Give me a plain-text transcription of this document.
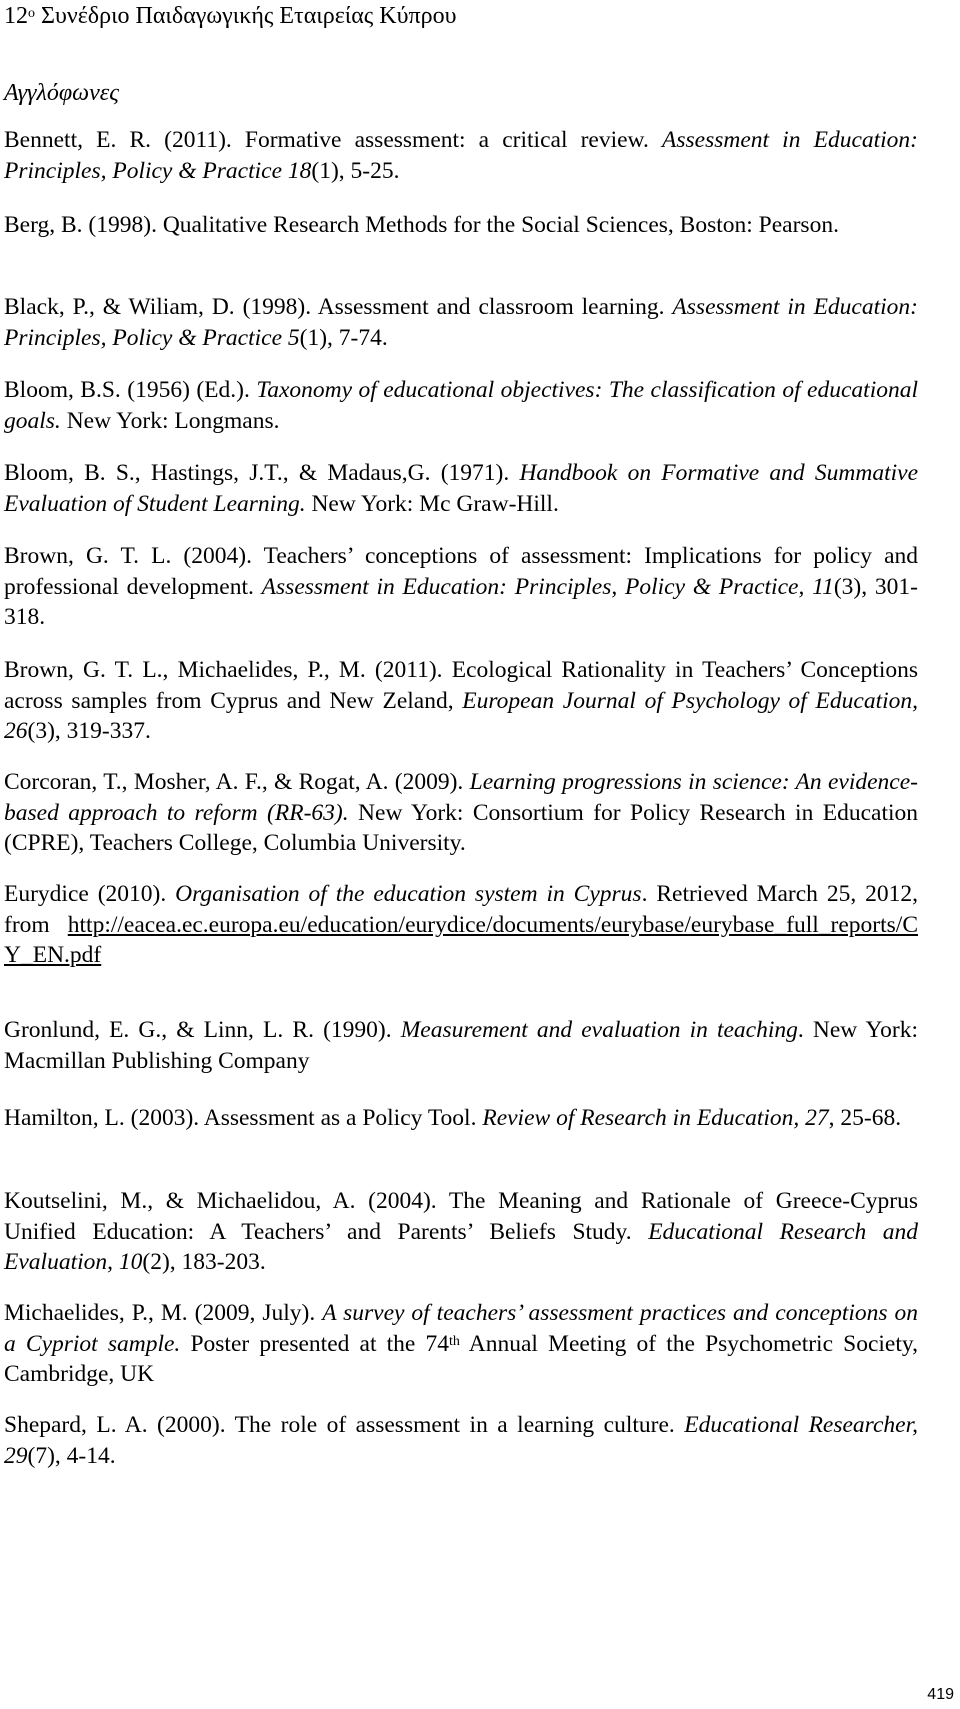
$12^o$ Συνέδριο Παιδαγωγικής Εταιρείας Κύπρου
Αγγλόφωνες
Bennett, E. R. (2011). Formative assessment: a critical review. Assessment in Education: Principles, Policy & Practice 18(1), 5-25.
Berg, B. (1998). Qualitative Research Methods for the Social Sciences, Boston: Pearson.
Black, P., & Wiliam, D. (1998). Assessment and classroom learning. Assessment in Education: Principles, Policy & Practice 5(1), 7-74.
Bloom, B.S. (1956) (Ed.). Taxonomy of educational objectives: The classification of educational goals. New York: Longmans.
Bloom, B. S., Hastings, J.T., & Madaus,G. (1971). Handbook on Formative and Summative Evaluation of Student Learning. New York: Mc Graw-Hill.
Brown, G. T. L. (2004). Teachers’ conceptions of assessment: Implications for policy and professional development. Assessment in Education: Principles, Policy & Practice, 11(3), 301-318.
Brown, G. T. L., Michaelides, P., M. (2011). Ecological Rationality in Teachers’ Conceptions across samples from Cyprus and New Zeland, European Journal of Psychology of Education, 26(3), 319-337.
Corcoran, T., Mosher, A. F., & Rogat, A. (2009). Learning progressions in science: An evidence-based approach to reform (RR-63). New York: Consortium for Policy Research in Education (CPRE), Teachers College, Columbia University.
Eurydice (2010). Organisation of the education system in Cyprus. Retrieved March 25, 2012, from http://eacea.ec.europa.eu/education/eurydice/documents/eurybase/eurybase_full_reports/CY_EN.pdf
Gronlund, E. G., & Linn, L. R. (1990). Measurement and evaluation in teaching. New York: Macmillan Publishing Company
Hamilton, L. (2003). Assessment as a Policy Tool. Review of Research in Education, 27, 25-68.
Koutselini, M., & Michaelidou, A. (2004). The Meaning and Rationale of Greece-Cyprus Unified Education: A Teachers’ and Parents’ Beliefs Study. Educational Research and Evaluation, 10(2), 183-203.
Michaelides, P., M. (2009, July). A survey of teachers’ assessment practices and conceptions on a Cypriot sample. Poster presented at the 74th Annual Meeting of the Psychometric Society, Cambridge, UK
Shepard, L. A. (2000). The role of assessment in a learning culture. Educational Researcher, 29(7), 4-14.
419
